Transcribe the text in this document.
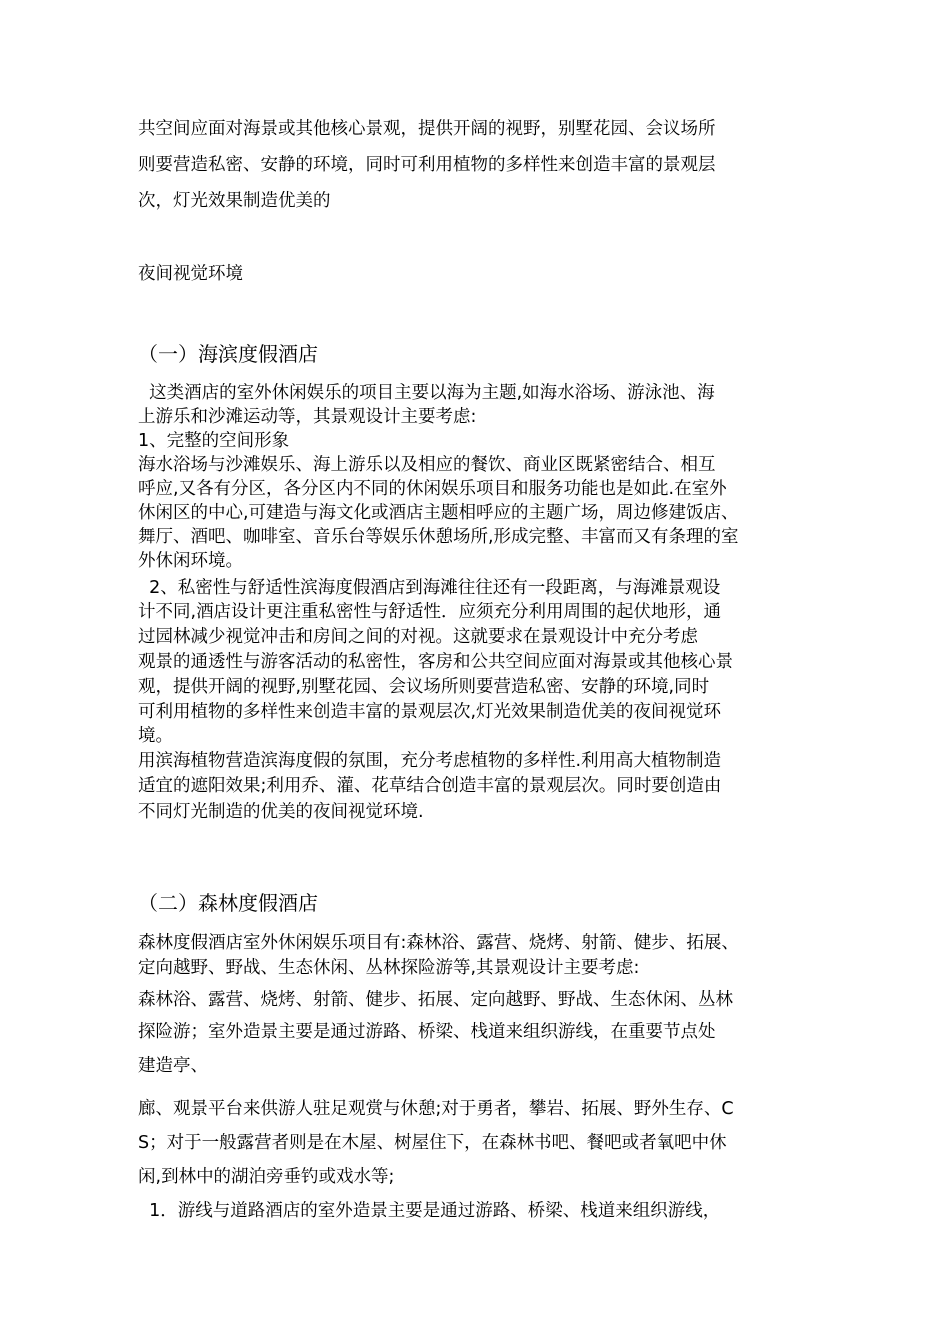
共空间应面对海景或其他核心景观，提供开阔的视野，别墅花园、会议场所
则要营造私密、安静的环境，同时可利用植物的多样性来创造丰富的景观层
次，灯光效果制造优美的
夜间视觉环境
（一）海滨度假酒店
这类酒店的室外休闲娱乐的项目主要以海为主题,如海水浴场、游泳池、海
上游乐和沙滩运动等，其景观设计主要考虑:
1、完整的空间形象
海水浴场与沙滩娱乐、海上游乐以及相应的餐饮、商业区既紧密结合、相互
呼应,又各有分区，各分区内不同的休闲娱乐项目和服务功能也是如此.在室外
休闲区的中心,可建造与海文化或酒店主题相呼应的主题广场，周边修建饭店、
舞厅、酒吧、咖啡室、音乐台等娱乐休憩场所,形成完整、丰富而又有条理的室
外休闲环境。
2、私密性与舒适性滨海度假酒店到海滩往往还有一段距离，与海滩景观设
计不同,酒店设计更注重私密性与舒适性．应须充分利用周围的起伏地形，通
过园林减少视觉冲击和房间之间的对视。这就要求在景观设计中充分考虑
观景的通透性与游客活动的私密性，客房和公共空间应面对海景或其他核心景
观，提供开阔的视野,别墅花园、会议场所则要营造私密、安静的环境,同时
可利用植物的多样性来创造丰富的景观层次,灯光效果制造优美的夜间视觉环
境。
用滨海植物营造滨海度假的氛围，充分考虑植物的多样性.利用高大植物制造
适宜的遮阳效果;利用乔、灌、花草结合创造丰富的景观层次。同时要创造由
不同灯光制造的优美的夜间视觉环境.
（二）森林度假酒店
森林度假酒店室外休闲娱乐项目有:森林浴、露营、烧烤、射箭、健步、拓展、
定向越野、野战、生态休闲、丛林探险游等,其景观设计主要考虑:
森林浴、露营、烧烤、射箭、健步、拓展、定向越野、野战、生态休闲、丛林
探险游；室外造景主要是通过游路、桥梁、栈道来组织游线，在重要节点处
建造亭、
廊、观景平台来供游人驻足观赏与休憩;对于勇者，攀岩、拓展、野外生存、C
S；对于一般露营者则是在木屋、树屋住下，在森林书吧、餐吧或者氧吧中休
闲,到林中的湖泊旁垂钓或戏水等;
1．游线与道路酒店的室外造景主要是通过游路、桥梁、栈道来组织游线，
